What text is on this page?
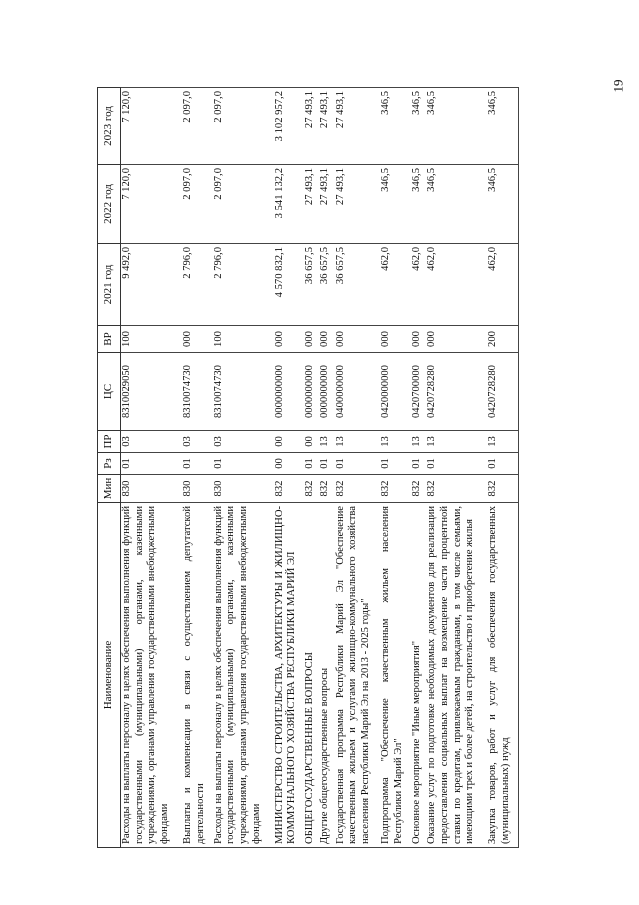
19
Наименование	Мин	Рз	ПР	ЦС	ВР	2021 год	2022 год	2023 год
Расходы на выплаты персоналу в целях обеспечения выполнения функций государственными (муниципальными) органами, казенными учреждениями, органами управления государственными внебюджетными фондами	830	01	03	8310029050	100	9 492,0	7 120,0	7 120,0
Выплаты и компенсации в связи с осуществлением депутатской деятельности	830	01	03	8310074730	000	2 796,0	2 097,0	2 097,0
Расходы на выплаты персоналу в целях обеспечения выполнения функций государственными (муниципальными) органами, казенными учреждениями, органами управления государственными внебюджетными фондами	830	01	03	8310074730	100	2 796,0	2 097,0	2 097,0
МИНИСТЕРСТВО СТРОИТЕЛЬСТВА, АРХИТЕКТУРЫ И ЖИЛИЩНО-КОММУНАЛЬНОГО ХОЗЯЙСТВА РЕСПУБЛИКИ МАРИЙ ЭЛ	832	00	00	0000000000	000	4 570 832,1	3 541 132,2	3 102 957,2
ОБЩЕГОСУДАРСТВЕННЫЕ ВОПРОСЫ	832	01	00	0000000000	000	36 657,5	27 493,1	27 493,1
Другие общегосударственные вопросы	832	01	13	0000000000	000	36 657,5	27 493,1	27 493,1
Государственная программа Республики Марий Эл "Обеспечение качественным жильем и услугами жилищно-коммунального хозяйства населения Республики Марий Эл на 2013 - 2025 годы"	832	01	13	0400000000	000	36 657,5	27 493,1	27 493,1
Подпрограмма "Обеспечение качественным жильем населения Республики Марий Эл"	832	01	13	0420000000	000	462,0	346,5	346,5
Основное мероприятие "Иные мероприятия"	832	01	13	0420700000	000	462,0	346,5	346,5
Оказание услуг по подготовке необходимых документов для реализации предоставления социальных выплат на возмещение части процентной ставки по кредитам, привлекаемым гражданами, в том числе семьями, имеющими трех и более детей, на строительство и приобретение жилья	832	01	13	0420728280	000	462,0	346,5	346,5
Закупка товаров, работ и услуг для обеспечения государственных (муниципальных) нужд	832	01	13	0420728280	200	462,0	346,5	346,5
